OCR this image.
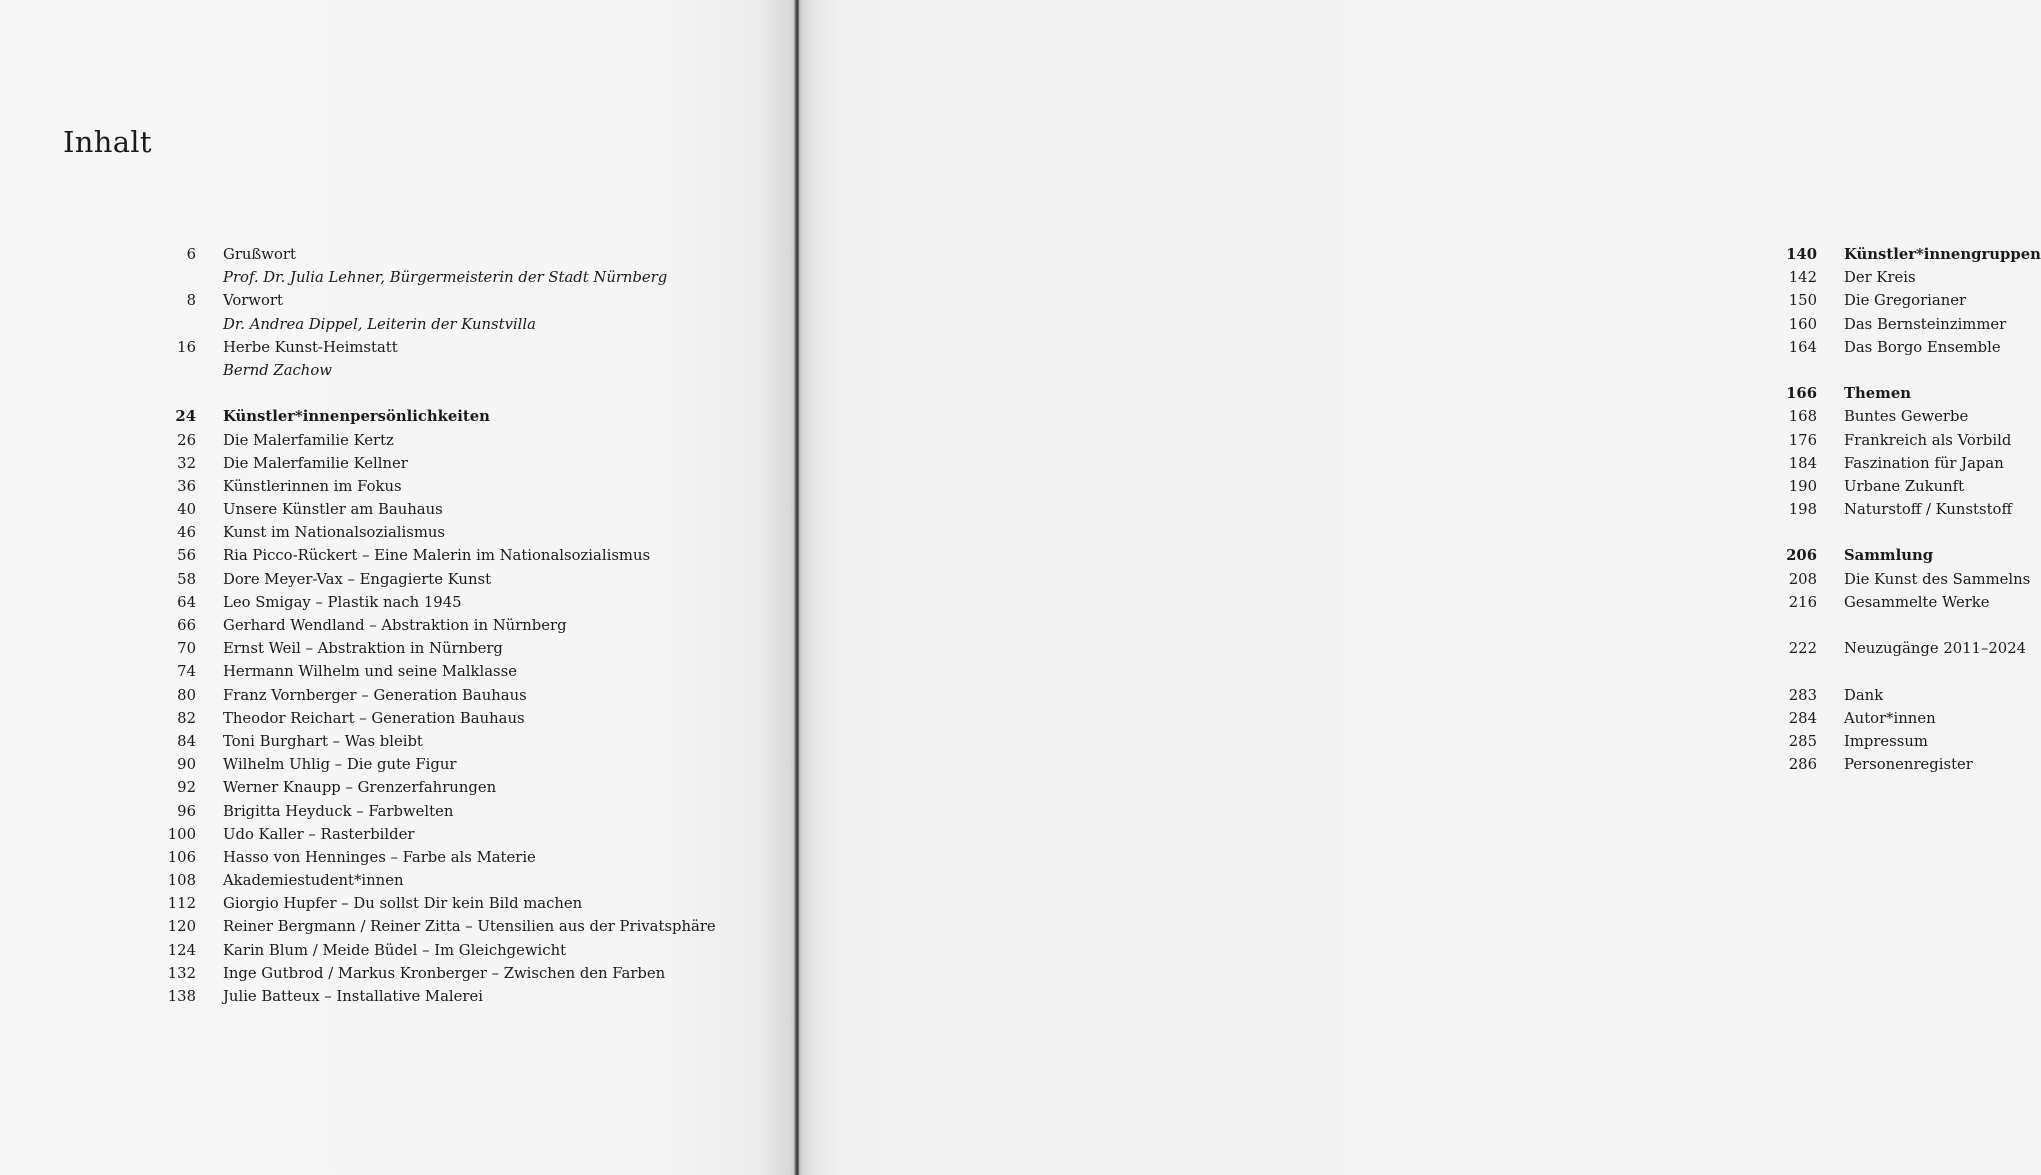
Inhalt
6 Grußwort
Prof. Dr. Julia Lehner, Bürgermeisterin der Stadt Nürnberg
8 Vorwort
Dr. Andrea Dippel, Leiterin der Kunstvilla
16 Herbe Kunst-Heimstatt
Bernd Zachow
24 Künstler*innenpersönlichkeiten
26 Die Malerfamilie Kertz
32 Die Malerfamilie Kellner
36 Künstlerinnen im Fokus
40 Unsere Künstler am Bauhaus
46 Kunst im Nationalsozialismus
56 Ria Picco-Rückert – Eine Malerin im Nationalsozialismus
58 Dore Meyer-Vax – Engagierte Kunst
64 Leo Smigay – Plastik nach 1945
66 Gerhard Wendland – Abstraktion in Nürnberg
70 Ernst Weil – Abstraktion in Nürnberg
74 Hermann Wilhelm und seine Malklasse
80 Franz Vornberger – Generation Bauhaus
82 Theodor Reichart – Generation Bauhaus
84 Toni Burghart – Was bleibt
90 Wilhelm Uhlig – Die gute Figur
92 Werner Knaupp – Grenzerfahrungen
96 Brigitta Heyduck – Farbwelten
100 Udo Kaller – Rasterbilder
106 Hasso von Henninges – Farbe als Materie
108 Akademiestudent*innen
112 Giorgio Hupfer – Du sollst Dir kein Bild machen
120 Reiner Bergmann / Reiner Zitta – Utensilien aus der Privatsphäre
124 Karin Blum / Meide Büdel – Im Gleichgewicht
132 Inge Gutbrod / Markus Kronberger – Zwischen den Farben
138 Julie Batteux – Installative Malerei
140 Künstler*innengruppen
142 Der Kreis
150 Die Gregorianer
160 Das Bernsteinzimmer
164 Das Borgo Ensemble
166 Themen
168 Buntes Gewerbe
176 Frankreich als Vorbild
184 Faszination für Japan
190 Urbane Zukunft
198 Naturstoff / Kunststoff
206 Sammlung
208 Die Kunst des Sammelns
216 Gesammelte Werke
222 Neuzugänge 2011–2024
283 Dank
284 Autor*innen
285 Impressum
286 Personenregister
